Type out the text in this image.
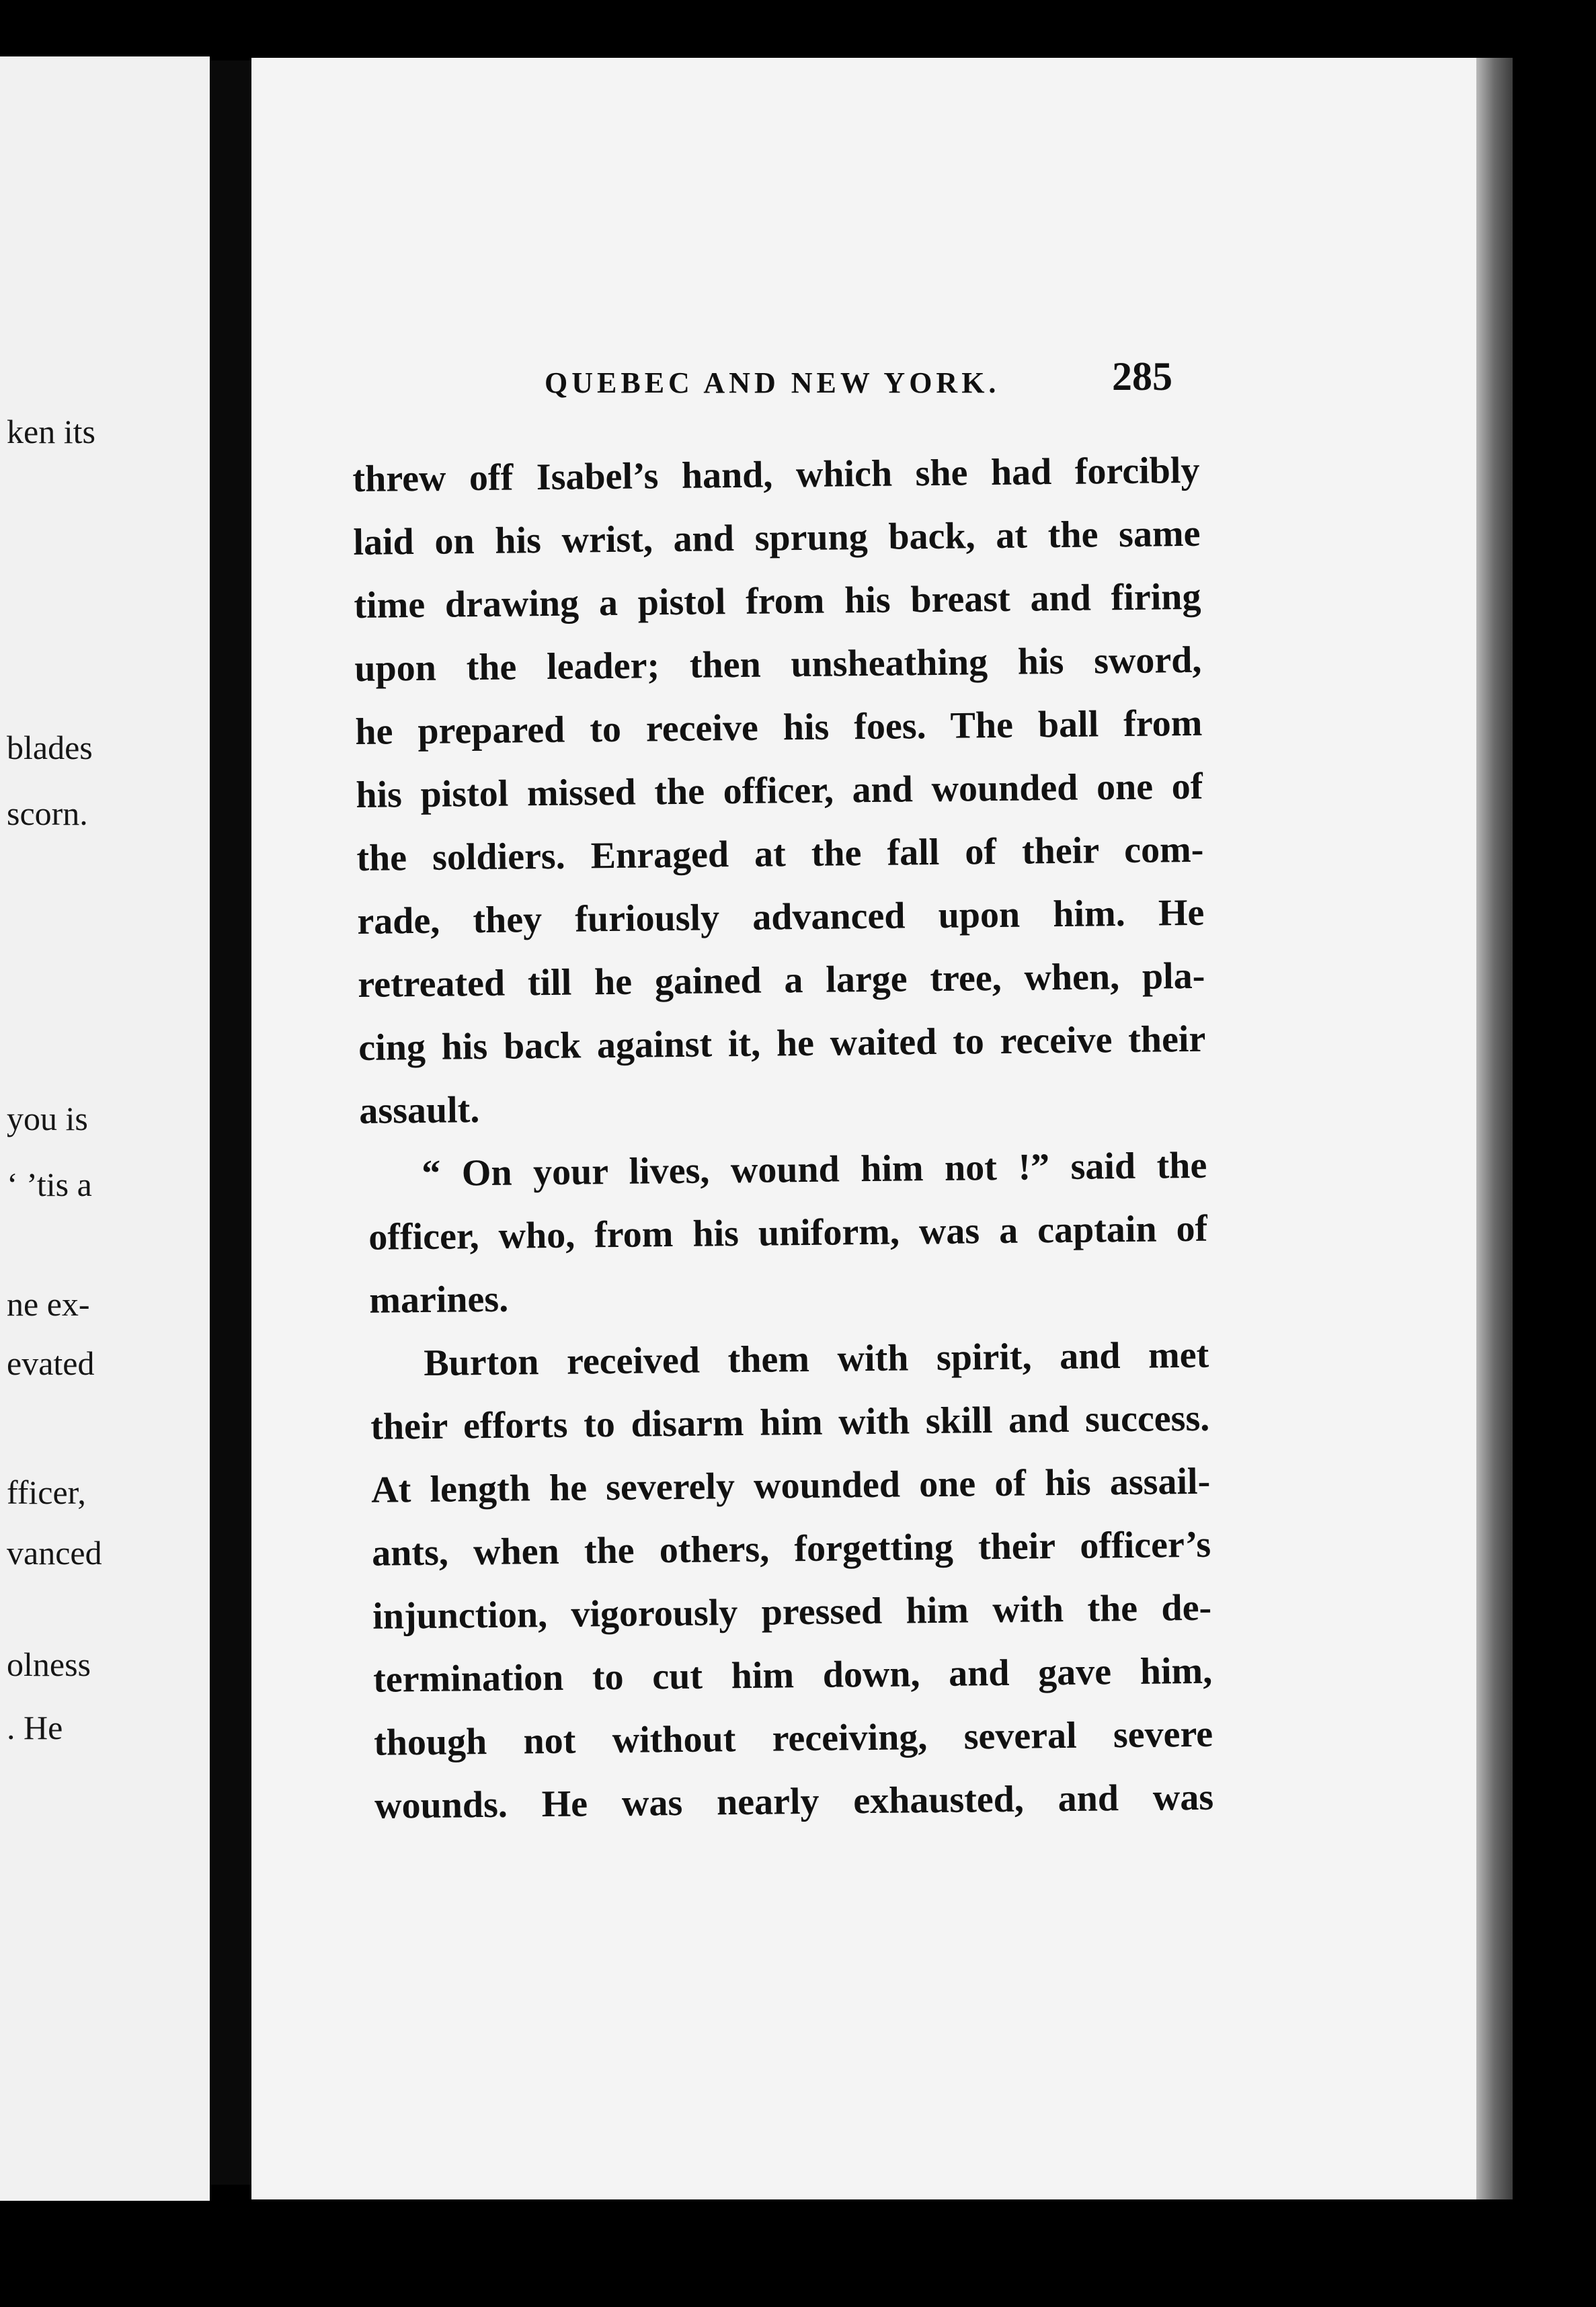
ken its
blades
scorn.
you is
‘ ’tis a
ne ex-
evated
fficer,
vanced
olness
. He
QUEBEC AND NEW YORK.	285
threw off Isabel’s hand, which she had forcibly
laid on his wrist, and sprung back, at the same
time drawing a pistol from his breast and firing
upon the leader; then unsheathing his sword,
he prepared to receive his foes. The ball from
his pistol missed the officer, and wounded one of
the soldiers. Enraged at the fall of their com-
rade, they furiously advanced upon him. He
retreated till he gained a large tree, when, pla-
cing his back against it, he waited to receive their
assault.
“ On your lives, wound him not !” said the
officer, who, from his uniform, was a captain of
marines.
Burton received them with spirit, and met
their efforts to disarm him with skill and success.
At length he severely wounded one of his assail-
ants, when the others, forgetting their officer’s
injunction, vigorously pressed him with the de-
termination to cut him down, and gave him,
though not without receiving, several severe
wounds. He was nearly exhausted, and was
